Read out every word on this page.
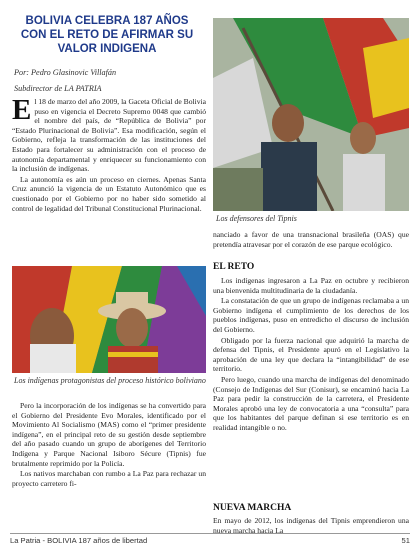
BOLIVIA CELEBRA 187 AÑOS CON EL RETO DE AFIRMAR SU VALOR INDIGENA
Por: Pedro Glasinovic Villafán
Subdirector de LA PATRIA
E l 18 de marzo del año 2009, la Gaceta Oficial de Bolivia puso en vigencia el Decreto Supremo 0048 que cambió el nombre del país, de “República de Bolivia” por “Estado Plurinacional de Bolivia”. Esa modificación, según el Gobierno, refleja la transformación de las instituciones del Estado para fortalecer su administración con el proceso de autonomía departamental y enriquecer su funcionamiento con la inclusión de indígenas.

La autonomía es aún un proceso en ciernes. Apenas Santa Cruz anunció la vigencia de un Estatuto Autonómico que es cuestionado por el Gobierno por no haber sido sometido al control de legalidad del Tribunal Constitucional Plurinacional.

Los indígenas protagonistas del proceso histórico boliviano

Pero la incorporación de los indígenas se ha convertido para el Gobierno del Presidente Evo Morales, identificado por el Movimiento Al Socialismo (MAS) como el “primer presidente indígena”, en el principal reto de su gestión desde septiembre del año pasado cuando un grupo de aborígenes del Territorio Indígena y Parque Nacional Isiboro Sécure (Tipnis) fue brutalmente reprimido por la Policía.

Los nativos marchaban con rumbo a La Paz para rechazar un proyecto carretero fi-

Los defensores del Tipnis

nanciado a favor de una transnacional brasileña (OAS) que pretendía atravesar por el corazón de ese parque ecológico.

EL RETO

Los indígenas ingresaron a La Paz en octubre y recibieron una bienvenida multitudinaria de la ciudadanía.

La constatación de que un grupo de indígenas reclamaba a un Gobierno indígena el cumplimiento de los derechos de los pueblos indígenas, puso en entredicho el discurso de inclusión del Gobierno.

Obligado por la fuerza nacional que adquirió la marcha de defensa del Tipnis, el Presidente apuró en el Legislativo la aprobación de una ley que declara la “intangibilidad” de ese territorio.

Pero luego, cuando una marcha de indígenas del denominado (Consejo de Indígenas del Sur (Conisur), se encaminó hacia La Paz para pedir la construcción de la carretera, el Presidente Morales aprobó una ley de convocatoria a una “consulta” para que los habitantes del parque definan si ese territorio es en realidad intangible o no.

NUEVA MARCHA

En mayo de 2012, los indígenas del Tipnis emprendieron una nueva marcha hacia La

La Patria - BOLIVIA 187 años de libertad	51
